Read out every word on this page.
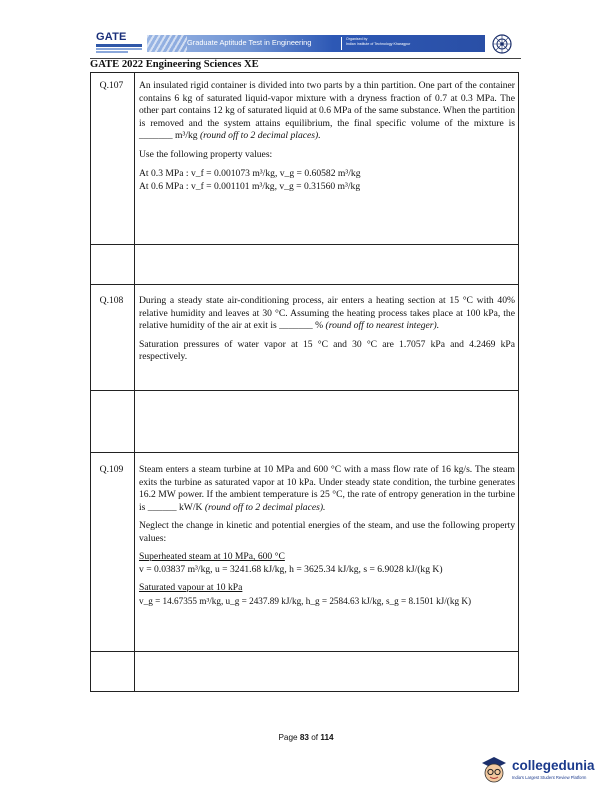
GATE	Graduate Aptitude Test in Engineering	Organised by
Indian Institute of Technology Kharagpur
GATE 2022 Engineering Sciences XE
Q.107	An insulated rigid container is divided into two parts by a thin partition. One part of the container contains 6 kg of saturated liquid-vapor mixture with a dryness fraction of 0.7 at 0.3 MPa. The other part contains 12 kg of saturated liquid at 0.6 MPa of the same substance. When the partition is removed and the system attains equilibrium, the final specific volume of the mixture is _______ m³/kg (round off to 2 decimal places).

Use the following property values:

At 0.3 MPa : v_f = 0.001073 m³/kg, v_g = 0.60582 m³/kg

At 0.6 MPa : v_f = 0.001101 m³/kg, v_g = 0.31560 m³/kg

Q.108	During a steady state air-conditioning process, air enters a heating section at 15 °C with 40% relative humidity and leaves at 30 °C. Assuming the heating process takes place at 100 kPa, the relative humidity of the air at exit is _______ % (round off to nearest integer).

Saturation pressures of water vapor at 15 °C and 30 °C are 1.7057 kPa and 4.2469 kPa respectively.

Q.109	Steam enters a steam turbine at 10 MPa and 600 °C with a mass flow rate of 16 kg/s. The steam exits the turbine as saturated vapor at 10 kPa. Under steady state condition, the turbine generates 16.2 MW power. If the ambient temperature is 25 °C, the rate of entropy generation in the turbine is ______ kW/K (round off to 2 decimal places).

Neglect the change in kinetic and potential energies of the steam, and use the following property values:

Superheated steam at 10 MPa, 600 °C

v = 0.03837 m³/kg, u = 3241.68 kJ/kg, h = 3625.34 kJ/kg, s = 6.9028 kJ/(kg K)

Saturated vapour at 10 kPa

v_g = 14.67355 m³/kg, u_g = 2437.89 kJ/kg, h_g = 2584.63 kJ/kg, s_g = 8.1501 kJ/(kg K)

Page 83 of 114
collegedunia
India's Largest Student Review Platform
